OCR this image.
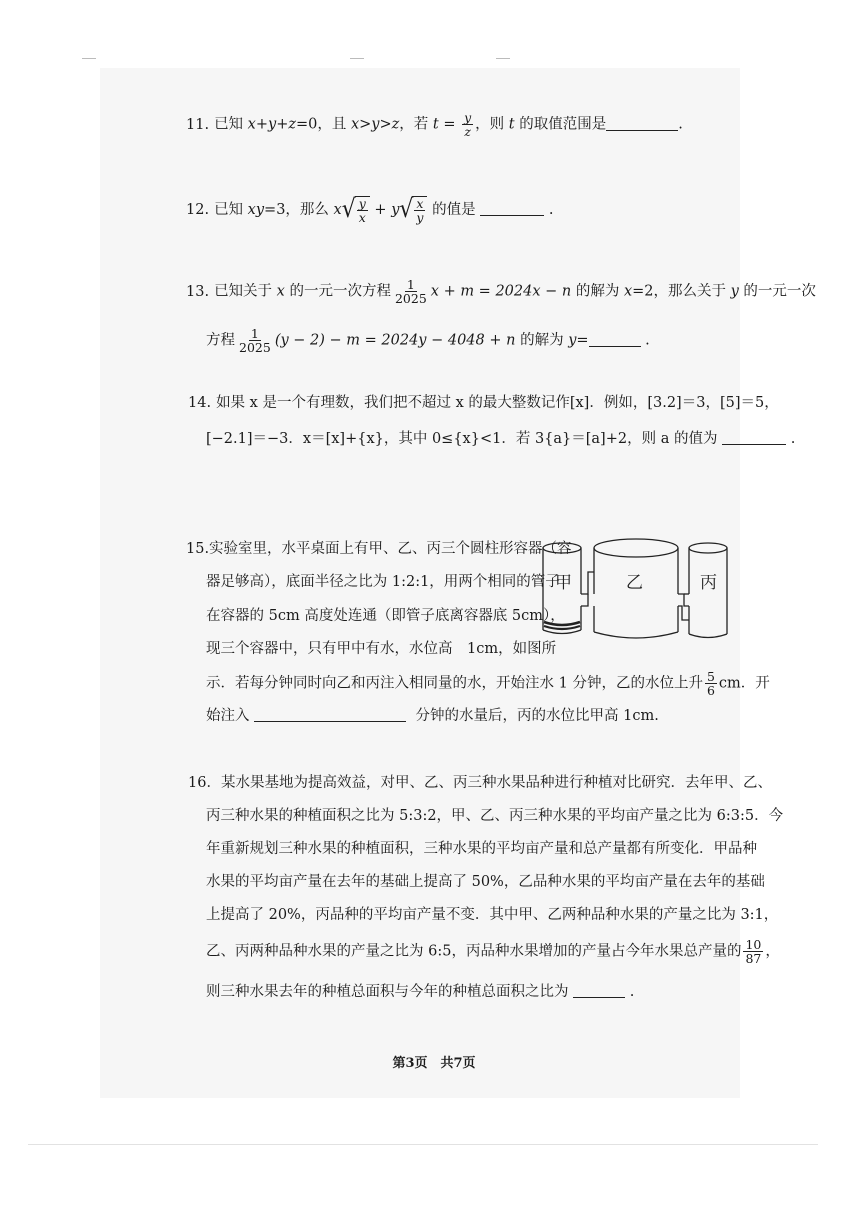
11. 已知 x+y+z=0，且 x>y>z，若 $t = \frac{y}{z}$ ，则 t 的取值范围是	.
12. 已知 xy=3，那么 x √ $\frac{y}{x} + y$ √ $\frac{x}{y}$ 的值是	.
13. 已知关于 x 的一元一次方程 $\frac{1}{2025}$ x + m = 2024x − n 的解为 x=2，那么关于 y 的一元一次
方程 $\frac{1}{2025} (y - 2) - m = 2024y - 4048 + n$ 的解为 y=	.
14. 如果 x 是一个有理数，我们把不超过 x 的最大整数记作[x]．例如，[3.2]＝3，[5]＝5，
[−2.1]＝−3．x＝[x]+{x}，其中 0≤{x}<1．若 3{a}＝[a]+2，则 a 的值为	.
15.实验室里，水平桌面上有甲、乙、丙三个圆柱形容器（容
器足够高），底面半径之比为 1:2:1，用两个相同的管子
在容器的 5cm 高度处连通（即管子底离容器底 5cm），
现三个容器中，只有甲中有水，水位高　1cm，如图所
示．若每分钟同时向乙和丙注入相同量的水，开始注水 1 分钟，乙的水位上升 $\frac{5}{6}$ cm．开
始注入	分钟的水量后，丙的水位比甲高 1cm.
甲	乙	丙
16．某水果基地为提高效益，对甲、乙、丙三种水果品种进行种植对比研究．去年甲、乙、
丙三种水果的种植面积之比为 5:3:2，甲、乙、丙三种水果的平均亩产量之比为 6:3:5．今
年重新规划三种水果的种植面积，三种水果的平均亩产量和总产量都有所变化．甲品种
水果的平均亩产量在去年的基础上提高了 50%，乙品种水果的平均亩产量在去年的基础
上提高了 20%，丙品种的平均亩产量不变．其中甲、乙两种品种水果的产量之比为 3:1，
乙、丙两种品种水果的产量之比为 6:5，丙品种水果增加的产量占今年水果总产量的 $\frac{10}{87}$ ，
则三种水果去年的种植总面积与今年的种植总面积之比为	.
第3页　共7页
